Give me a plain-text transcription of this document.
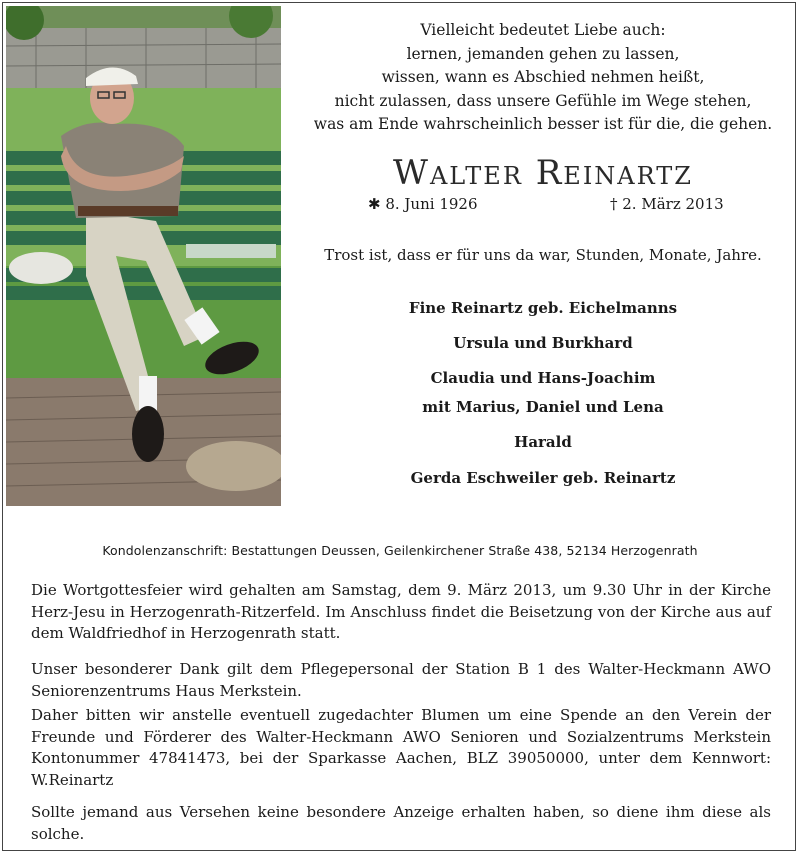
Vielleicht bedeutet Liebe auch:
lernen, jemanden gehen zu lassen,
wissen, wann es Abschied nehmen heißt,
nicht zulassen, dass unsere Gefühle im Wege stehen,
was am Ende wahrscheinlich besser ist für die, die gehen.
Walter Reinartz
✱ 8. Juni 1926	† 2. März 2013
Trost ist, dass er für uns da war, Stunden, Monate, Jahre.
Fine Reinartz geb. Eichelmanns
Ursula und Burkhard
Claudia und Hans-Joachim
mit Marius, Daniel und Lena
Harald
Gerda Eschweiler geb. Reinartz
Kondolenzanschrift: Bestattungen Deussen, Geilenkirchener Straße 438, 52134 Herzogenrath
Die Wortgottesfeier wird gehalten am Samstag, dem 9. März 2013, um 9.30 Uhr in der Kirche Herz-Jesu in Herzogenrath-Ritzerfeld. Im Anschluss findet die Beisetzung von der Kirche aus auf dem Waldfriedhof in Herzogenrath statt.
Unser besonderer Dank gilt dem Pflegepersonal der Station B 1 des Walter-Heckmann AWO Seniorenzentrums Haus Merkstein.
Daher bitten wir anstelle eventuell zugedachter Blumen um eine Spende an den Verein der Freunde und Förderer des Walter-Heckmann AWO Senioren und Sozialzentrums Merkstein Kontonummer 47841473, bei der Sparkasse Aachen, BLZ 39050000, unter dem Kennwort: W.Reinartz
Sollte jemand aus Versehen keine besondere Anzeige erhalten haben, so diene ihm diese als solche.
